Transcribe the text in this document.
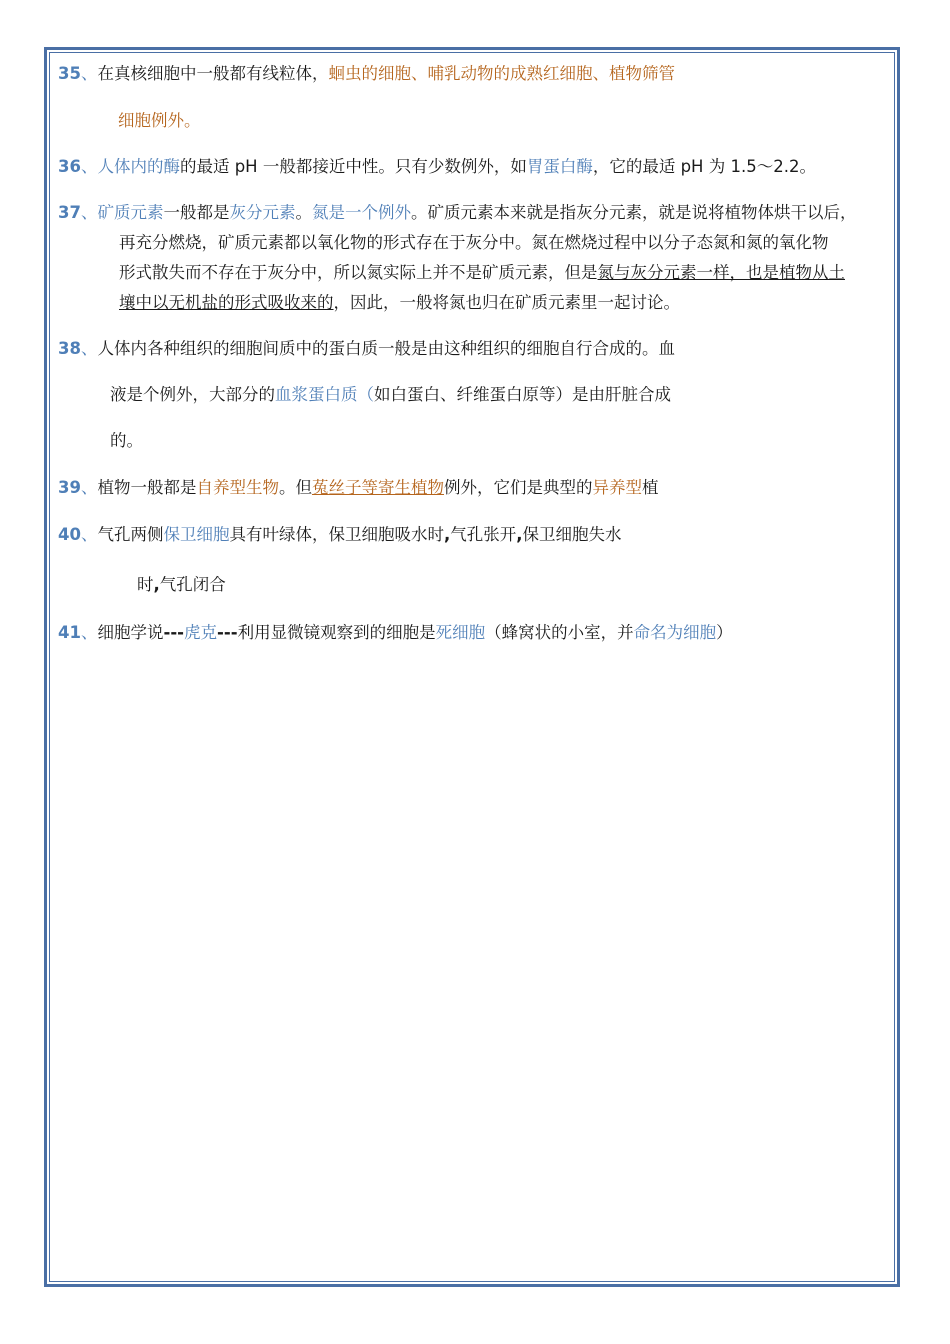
35、在真核细胞中一般都有线粒体，蛔虫的细胞、哺乳动物的成熟红细胞、植物筛管
细胞例外。
36、人体内的酶的最适 pH 一般都接近中性。只有少数例外，如胃蛋白酶，它的最适 pH 为 1.5～2.2。
37、矿质元素一般都是灰分元素。氮是一个例外。矿质元素本来就是指灰分元素，就是说将植物体烘干以后，
再充分燃烧，矿质元素都以氧化物的形式存在于灰分中。氮在燃烧过程中以分子态氮和氮的氧化物
形式散失而不存在于灰分中，所以氮实际上并不是矿质元素，但是氮与灰分元素一样，也是植物从土
壤中以无机盐的形式吸收来的，因此，一般将氮也归在矿质元素里一起讨论。
38、人体内各种组织的细胞间质中的蛋白质一般是由这种组织的细胞自行合成的。血
液是个例外，大部分的血浆蛋白质（如白蛋白、纤维蛋白原等）是由肝脏合成
的。
39、植物一般都是自养型生物。但菟丝子等寄生植物例外，它们是典型的异养型植
40、气孔两侧保卫细胞具有叶绿体，保卫细胞吸水时,气孔张开,保卫细胞失水
时,气孔闭合
41、细胞学说---虎克---利用显微镜观察到的细胞是死细胞（蜂窝状的小室，并命名为细胞）
